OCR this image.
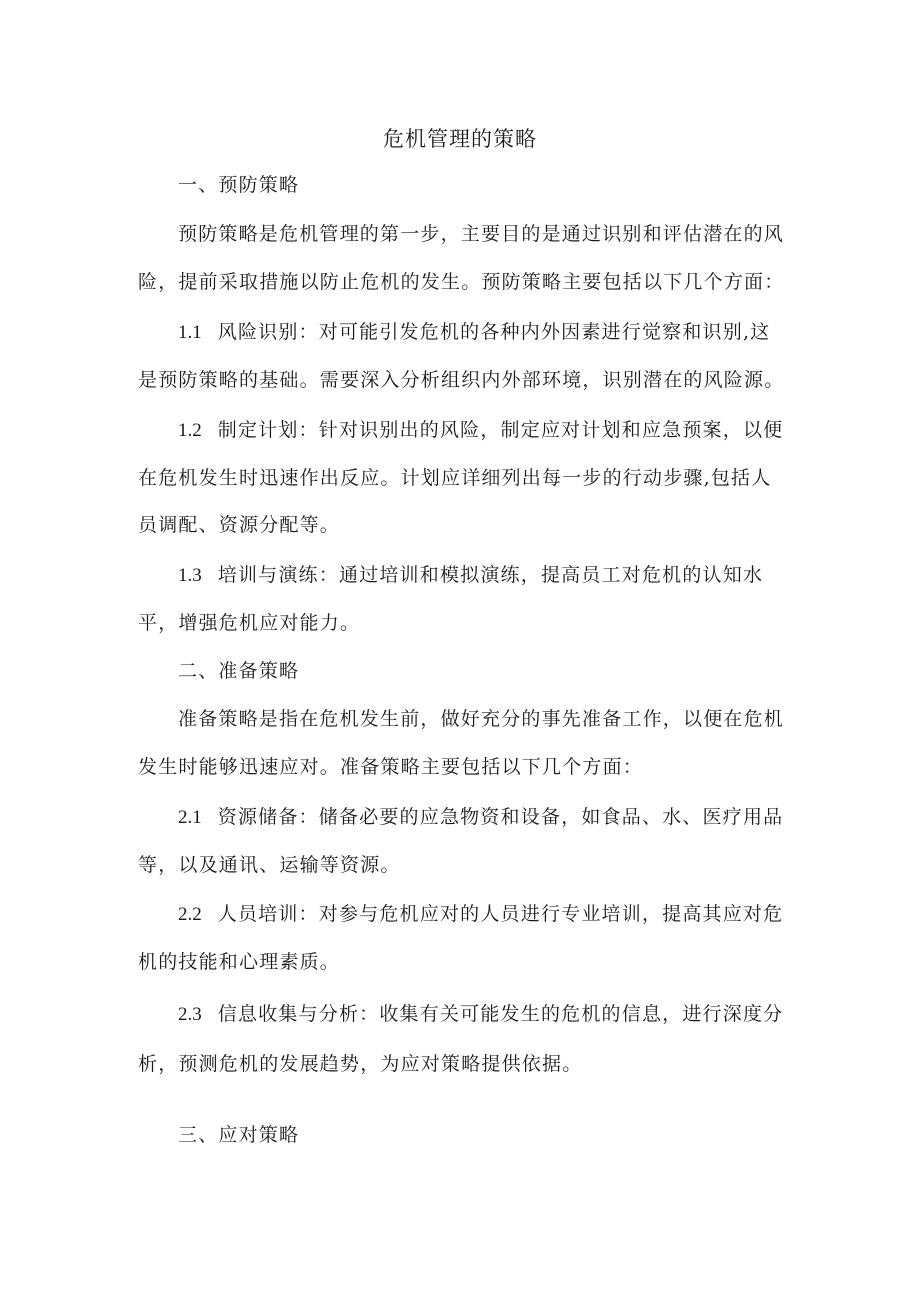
危机管理的策略
一、预防策略
预防策略是危机管理的第一步，主要目的是通过识别和评估潜在的风
险，提前采取措施以防止危机的发生。预防策略主要包括以下几个方面：
1.1 风险识别：对可能引发危机的各种内外因素进行觉察和识别,这
是预防策略的基础。需要深入分析组织内外部环境，识别潜在的风险源。
1.2 制定计划：针对识别出的风险，制定应对计划和应急预案，以便
在危机发生时迅速作出反应。计划应详细列出每一步的行动步骤,包括人
员调配、资源分配等。
1.3 培训与演练：通过培训和模拟演练，提高员工对危机的认知水
平，增强危机应对能力。
二、准备策略
准备策略是指在危机发生前，做好充分的事先准备工作，以便在危机
发生时能够迅速应对。准备策略主要包括以下几个方面：
2.1 资源储备：储备必要的应急物资和设备，如食品、水、医疗用品
等，以及通讯、运输等资源。
2.2 人员培训：对参与危机应对的人员进行专业培训，提高其应对危
机的技能和心理素质。
2.3 信息收集与分析：收集有关可能发生的危机的信息，进行深度分
析，预测危机的发展趋势，为应对策略提供依据。
三、应对策略
